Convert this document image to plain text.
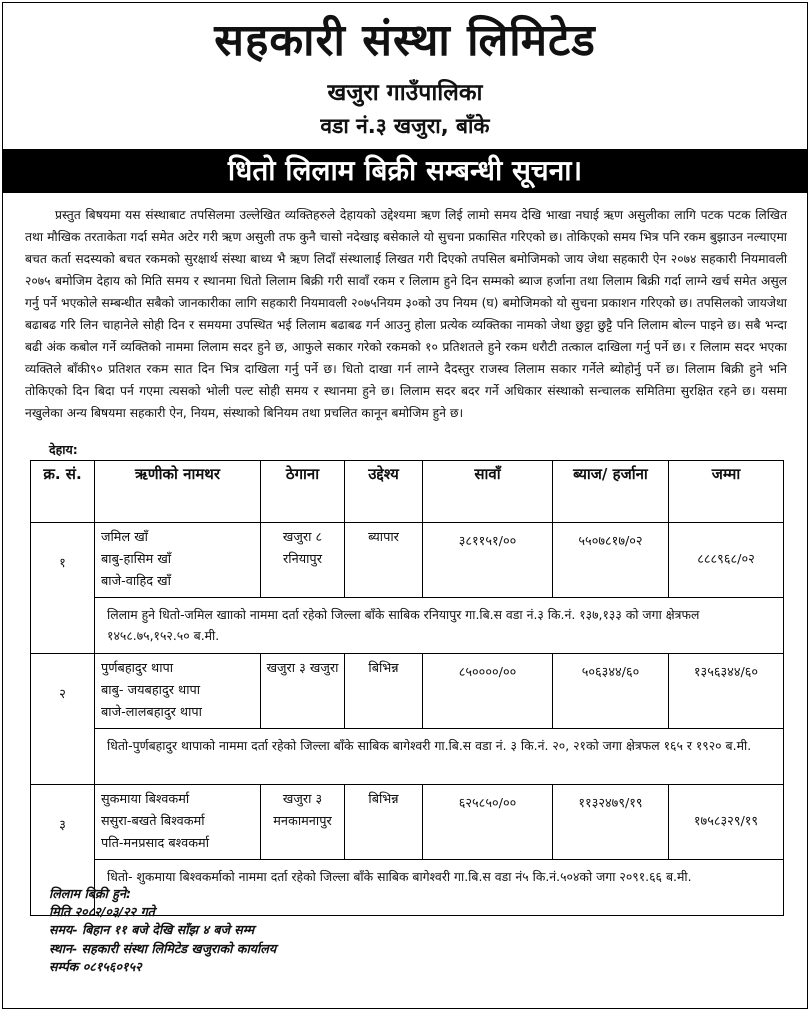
सहकारी संस्था लिमिटेड
खजुरा गाउँपालिका
वडा नं.३ खजुरा, बाँके
धितो लिलाम बिक्री सम्बन्धी सूचना।
प्रस्तुत बिषयमा यस संस्थाबाट तपसिलमा उल्लेखित व्यक्तिहरुले देहायको उद्देश्यमा ऋण लिई लामो समय देखि भाखा नघाई ऋण असुलीका लागि पटक पटक लिखित तथा मौखिक तरताकेता गर्दा समेत अटेर गरी ऋण असुली तफ कुनै चासो नदेखाइ बसेकाले यो सुचना प्रकासित गरिएको छ। तोकिएको समय भित्र पनि रकम बुझाउन नल्याएमा बचत कर्ता सदस्यको बचत रकमको सुरक्षार्थ संस्था बाध्य भै ऋण लिदाँ संस्थालाई लिखत गरी दिएको तपसिल बमोजिमको जाय जेथा सहकारी ऐन २०७४ सहकारी नियमावली २०७५ बमोजिम देहाय को मिति समय र स्थानमा धितो लिलाम बिक्री गरी सावाँ रकम र लिलाम हुने दिन सम्मको ब्याज हर्जाना तथा लिलाम बिक्री गर्दा लाग्ने खर्च समेत असुल गर्नु पर्ने भएकोले सम्बन्धीत सबैको जानकारीका लागि सहकारी नियमावली २०७५नियम ३०को उप नियम (घ) बमोजिमको यो सुचना प्रकाशन गरिएको छ। तपसिलको जायजेथा बढाबढ गरि लिन चाहानेले सोही दिन र समयमा उपस्थित भई लिलाम बढाबढ गर्न आउनु होला प्रत्येक व्यक्तिका नामको जेथा छुट्टा छुट्टै पनि लिलाम बोल्न पाइने छ। सबै भन्दा बढी अंक कबोल गर्ने व्यक्तिको नाममा लिलाम सदर हुने छ, आफुले सकार गरेको रकमको १० प्रतिशतले हुने रकम धरौटी तत्काल दाखिला गर्नु पर्ने छ। र लिलाम सदर भएका व्यक्तिले बाँकी९० प्रतिशत रकम सात दिन भित्र दाखिला गर्नु पर्ने छ। धितो दाखा गर्न लाग्ने दैदस्तुर राजस्व लिलाम सकार गर्नेले ब्योहोर्नु पर्ने छ। लिलाम बिक्री हुने भनि तोकिएको दिन बिदा पर्न गएमा त्यसको भोली पल्ट सोही समय र स्थानमा हुने छ। लिलाम सदर बदर गर्ने अधिकार संस्थाको सन्चालक समितिमा सुरक्षित रहने छ। यसमा नखुलेका अन्य बिषयमा सहकारी ऐन, नियम, संस्थाको बिनियम तथा प्रचलित कानून बमोजिम हुने छ।
देहाय:
क्र. सं.	ऋणीको नामथर	ठेगाना	उद्देश्य	सावाँ	ब्याज/ हर्जाना	जम्मा
१	जमिल खाँ
बाबु-हासिम खाँ
बाजे-वाहिद खाँ	खजुरा ८ रनियापुर	ब्यापार	३८११५१/००	५५०७८१७/०२	८८८९६८/०२
	लिलाम हुने धितो-जमिल खााको नाममा दर्ता रहेको जिल्ला बाँके साबिक रनियापुर गा.बि.स वडा नं.३ कि.नं. १३७,१३३ को जगा क्षेत्रफल १४५८.७५,१५२.५० ब.मी.					
२	पुर्णबहादुर थापा
बाबु- जयबहादुर थापा
बाजे-लालबहादुर थापा	खजुरा ३ खजुरा	बिभिन्न	८५००००/००	५०६३४४/६०	१३५६३४४/६०
	धितो-पुर्णबहादुर थापाको नाममा दर्ता रहेको जिल्ला बाँके साबिक बागेश्वरी गा.बि.स वडा नं. ३ कि.नं. २०, २१को जगा क्षेत्रफल १६५ र १९२० ब.मी.					
३	सुकमाया बिश्वकर्मा
ससुरा-बखते बिश्वकर्मा
पति-मनप्रसाद बश्वकर्मा	खजुरा ३ मनकामनापुर	बिभिन्न	६२५८५०/००	११३२४७९/१९	१७५८३२९/१९
	धितो- शुकमाया बिश्वकर्माको नाममा दर्ता रहेको जिल्ला बाँके साबिक बागेश्वरी गा.बि.स वडा नं५ कि.नं.५०४को जगा २०९१.६६ ब.मी.					
लिलाम बिक्री हुने:
मिति २०८२/०३/२२ गते
समय- बिहान ११ बजे देखि साँझ ४ बजे सम्म
स्थान- सहकारी संस्था लिमिटेड खजुराको कार्यालय
सर्म्पक ०८१५६०१५२
